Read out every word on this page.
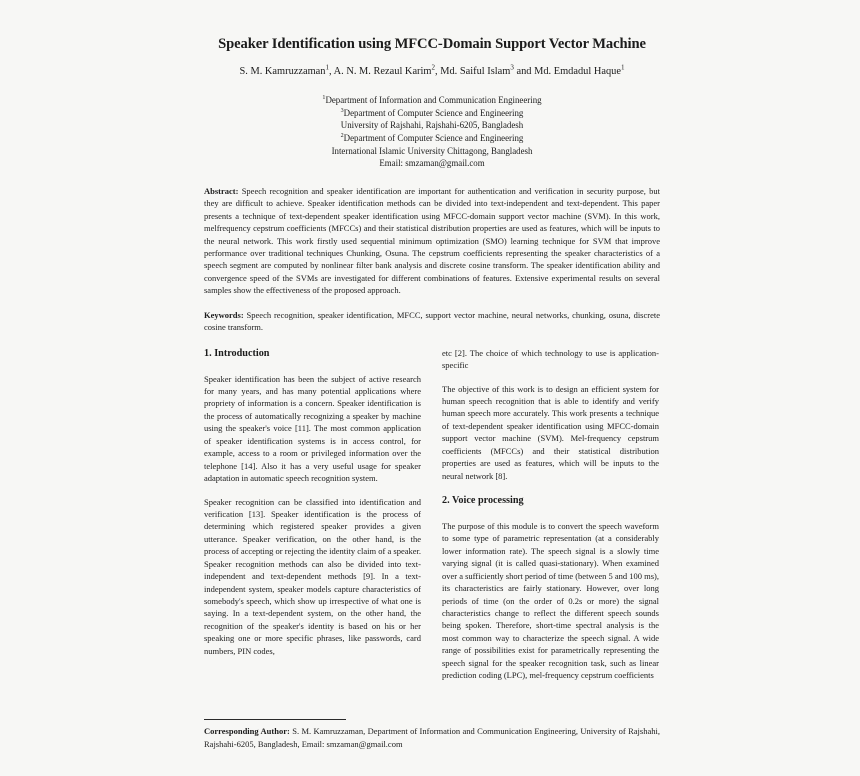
Speaker Identification using MFCC-Domain Support Vector Machine
S. M. Kamruzzaman$^1$, A. N. M. Rezaul Karim$^2$, Md. Saiful Islam$^3$ and Md. Emdadul Haque$^1$
$^1$Department of Information and Communication Engineering
$^3$Department of Computer Science and Engineering
University of Rajshahi, Rajshahi-6205, Bangladesh
$^2$Department of Computer Science and Engineering
International Islamic University Chittagong, Bangladesh
Email: smzaman@gmail.com
Abstract: Speech recognition and speaker identification are important for authentication and verification in security purpose, but they are difficult to achieve. Speaker identification methods can be divided into text-independent and text-dependent. This paper presents a technique of text-dependent speaker identification using MFCC-domain support vector machine (SVM). In this work, melfrequency cepstrum coefficients (MFCCs) and their statistical distribution properties are used as features, which will be inputs to the neural network. This work firstly used sequential minimum optimization (SMO) learning technique for SVM that improve performance over traditional techniques Chunking, Osuna. The cepstrum coefficients representing the speaker characteristics of a speech segment are computed by nonlinear filter bank analysis and discrete cosine transform. The speaker identification ability and convergence speed of the SVMs are investigated for different combinations of features. Extensive experimental results on several samples show the effectiveness of the proposed approach.
Keywords: Speech recognition, speaker identification, MFCC, support vector machine, neural networks, chunking, osuna, discrete cosine transform.
1. Introduction

Speaker identification has been the subject of active research for many years, and has many potential applications where propriety of information is a concern. Speaker identification is the process of automatically recognizing a speaker by machine using the speaker's voice [11]. The most common application of speaker identification systems is in access control, for example, access to a room or privileged information over the telephone [14]. Also it has a very useful usage for speaker adaptation in automatic speech recognition system.

Speaker recognition can be classified into identification and verification [13]. Speaker identification is the process of determining which registered speaker provides a given utterance. Speaker verification, on the other hand, is the process of accepting or rejecting the identity claim of a speaker. Speaker recognition methods can also be divided into text-independent and text-dependent methods [9]. In a text-independent system, speaker models capture characteristics of somebody's speech, which show up irrespective of what one is saying. In a text-dependent system, on the other hand, the recognition of the speaker's identity is based on his or her speaking one or more specific phrases, like passwords, card numbers, PIN codes,

etc [2]. The choice of which technology to use is application-specific

The objective of this work is to design an efficient system for human speech recognition that is able to identify and verify human speech more accurately. This work presents a technique of text-dependent speaker identification using MFCC-domain support vector machine (SVM). Mel-frequency cepstrum coefficients (MFCCs) and their statistical distribution properties are used as features, which will be inputs to the neural network [8].

2. Voice processing

The purpose of this module is to convert the speech waveform to some type of parametric representation (at a considerably lower information rate). The speech signal is a slowly time varying signal (it is called quasi-stationary). When examined over a sufficiently short period of time (between 5 and 100 ms), its characteristics are fairly stationary. However, over long periods of time (on the order of 0.2s or more) the signal characteristics change to reflect the different speech sounds being spoken. Therefore, short-time spectral analysis is the most common way to characterize the speech signal. A wide range of possibilities exist for parametrically representing the speech signal for the speaker recognition task, such as linear prediction coding (LPC), mel-frequency cepstrum coefficients

Corresponding Author: S. M. Kamruzzaman, Department of Information and Communication Engineering, University of Rajshahi, Rajshahi-6205, Bangladesh, Email: smzaman@gmail.com
